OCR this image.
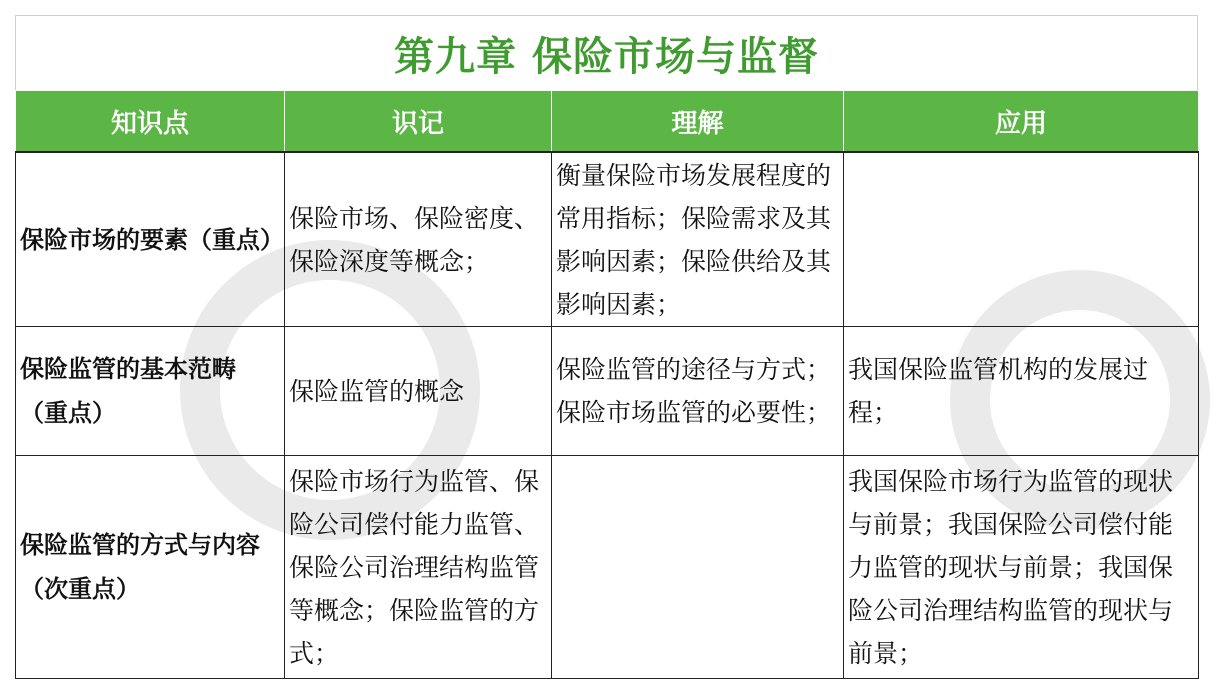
第九章 保险市场与监督
知识点	识记	理解	应用
保险市场的要素（重点）	保险市场、保险密度、保险深度等概念；	衡量保险市场发展程度的常用指标；保险需求及其影响因素；保险供给及其影响因素；	
保险监管的基本范畴（重点）	保险监管的概念	保险监管的途径与方式；保险市场监管的必要性；	我国保险监管机构的发展过程；
保险监管的方式与内容（次重点）	保险市场行为监管、保险公司偿付能力监管、保险公司治理结构监管等概念；保险监管的方式；		我国保险市场行为监管的现状与前景；我国保险公司偿付能力监管的现状与前景；我国保险公司治理结构监管的现状与前景；
